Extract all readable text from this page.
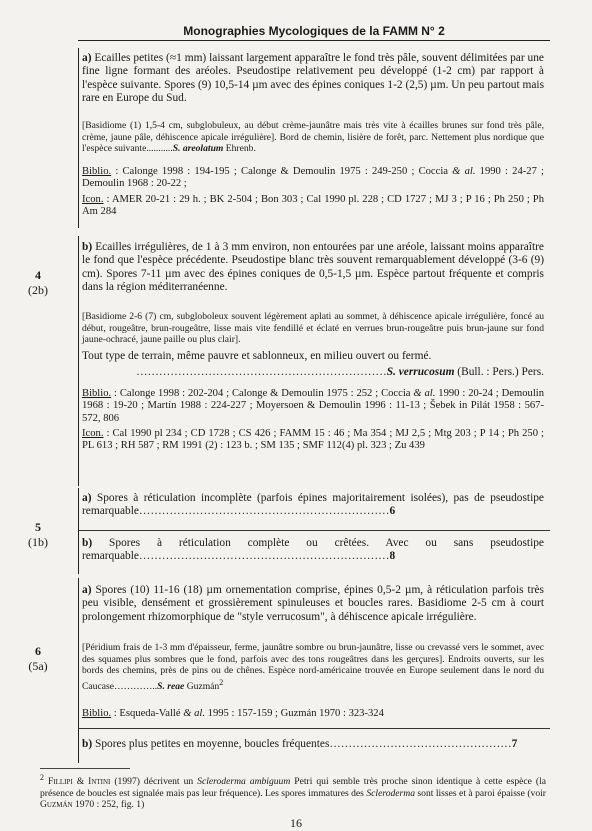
Monographies Mycologiques de la FAMM N° 2
4
(2b)
5
(1b)
6
(5a)

a) Ecailles petites (≈1 mm) laissant largement apparaître le fond très pâle, souvent délimitées par une fine ligne formant des aréoles. Pseudostipe relativement peu développé (1-2 cm) par rapport à l'espèce suivante. Spores (9) 10,5-14 µm avec des épines coniques 1-2 (2,5) µm. Un peu partout mais rare en Europe du Sud.

[Basidiome (1) 1,5-4 cm, subglobuleux, au début crème-jaunâtre mais très vite à écailles brunes sur fond très pâle, crème, jaune pâle, déhiscence apicale irrégulière]. Bord de chemin, lisière de forêt, parc. Nettement plus nordique que l'espèce suivante...........S. areolatum Ehrenb.

Biblio. : Calonge 1998 : 194-195 ; Calonge & Demoulin 1975 : 249-250 ; Coccia & al. 1990 : 24-27 ; Demoulin 1968 : 20-22 ;

Icon. : AMER 20-21 : 29 h. ; BK 2-504 ; Bon 303 ; Cal 1990 pl. 228 ; CD 1727 ; MJ 3 ; P 16 ; Ph 250 ; Ph Am 284

b) Ecailles irrégulières, de 1 à 3 mm environ, non entourées par une aréole, laissant moins apparaître le fond que l'espèce précédente. Pseudostipe blanc très souvent remarquablement développé (3-6 (9) cm). Spores 7-11 µm avec des épines coniques de 0,5-1,5 µm. Espèce partout fréquente et compris dans la région méditerranéenne.

[Basidiome 2-6 (7) cm, subgloboleux souvent légèrement aplati au sommet, à déhiscence apicale irrégulière, foncé au début, rougeâtre, brun-rougeâtre, lisse mais vite fendillé et éclaté en verrues brun-rougeâtre puis brun-jaune sur fond jaune-ochracé, jaune paille ou plus clair].

Tout type de terrain, même pauvre et sablonneux, en milieu ouvert ou fermé.

…………………………………………………………S. verrucosum (Bull. : Pers.) Pers.

Biblio. : Calonge 1998 : 202-204 ; Calonge & Demoulin 1975 : 252 ; Coccia & al. 1990 : 20-24 ; Demoulin 1968 : 19-20 ; Martín 1988 : 224-227 ; Moyersoen & Demoulin 1996 : 11-13 ; Šebek in Pilát 1958 : 567-572, 806

Icon. : Cal 1990 pl 234 ; CD 1728 ; CS 426 ; FAMM 15 : 46 ; Ma 354 ; MJ 2,5 ; Mtg 203 ; P 14 ; Ph 250 ; PL 613 ; RH 587 ; RM 1991 (2) : 123 b. ; SM 135 ; SMF 112(4) pl. 323 ; Zu 439

a) Spores à réticulation incomplète (parfois épines majoritairement isolées), pas de pseudostipe remarquable…………………………………………………………6

b) Spores à réticulation complète ou crêtées. Avec ou sans pseudostipe remarquable…………………………………………………………8

a) Spores (10) 11-16 (18) µm ornementation comprise, épines 0,5-2 µm, à réticulation parfois très peu visible, densément et grossièrement spinuleuses et boucles rares. Basidiome 2-5 cm à court prolongement rhizomorphique de "style verrucosum", à déhiscence apicale irrégulière.

[Péridium frais de 1-3 mm d'épaisseur, ferme, jaunâtre sombre ou brun-jaunâtre, lisse ou crevassé vers le sommet, avec des squames plus sombres que le fond, parfois avec des tons rougeâtres dans les gerçures]. Endroits ouverts, sur les bords des chemins, près de pins ou de chênes. Espèce nord-américaine trouvée en Europe seulement dans le nord du Caucase…………..S. reae Guzmán$^2$

Biblio. : Esqueda-Vallé & al. 1995 : 157-159 ; Guzmán 1970 : 323-324

b) Spores plus petites en moyenne, boucles fréquentes…………………………………………7

$^2$ Fillipi & Intini (1997) décrivent un Scleroderma ambiguum Petri qui semble très proche sinon identique à cette espèce (la présence de boucles est signalée mais pas leur fréquence). Les spores immatures des Scleroderma sont lisses et à paroi épaisse (voir Guzmán 1970 : 252, fig. 1)

16
